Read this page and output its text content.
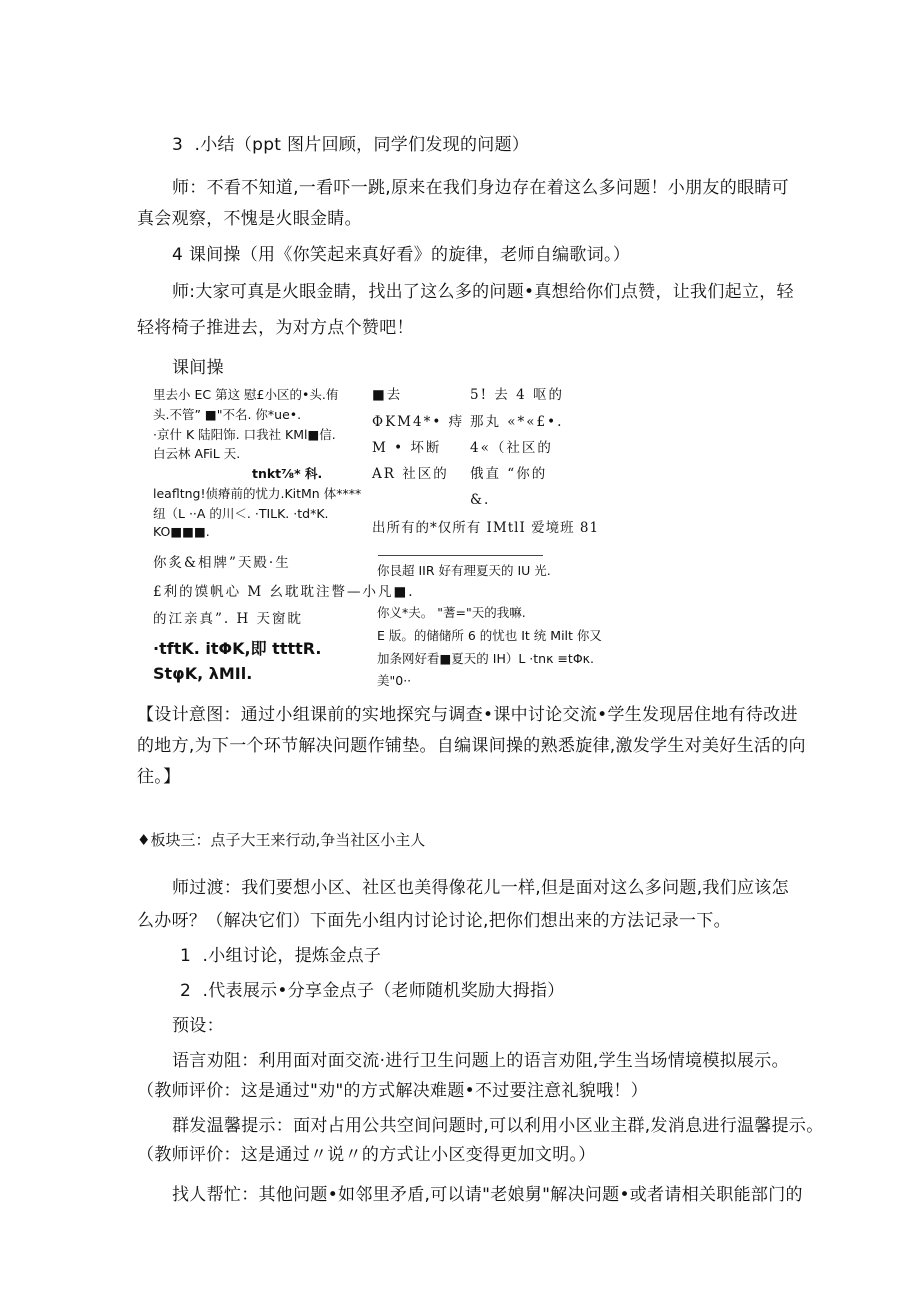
3  .小结（ppt 图片回顾，同学们发现的问题）
师：不看不知道,一看吓一跳,原来在我们身边存在着这么多问题！小朋友的眼睛可
真会观察，不愧是火眼金睛。
4 课间操（用《你笑起来真好看》的旋律，老师自编歌词。）
师:大家可真是火眼金睛，找出了这么多的问题•真想给你们点赞，让我们起立，轻
轻将椅子推进去，为对方点个赞吧！
课间操
里去小 EC 第这 慰£小区的•头.侑
头.不管” ■"不名. 你*ue•.
·京什 K 陆阳饰. 口我社 KMl■信.
白云林 AFiL 天.
tnkt⅞* 科.
leafltng!侦瘠前的忧力.KitMn 体****
纽（L ··A 的川＜. ·TILK. ·td*K.
KO■■■.
你炙&相牌”天殿·生
£利的馍帆心 M 幺耽耽注瞥—小凡■.
的江亲真”. H 天窗眈
·tftK. itΦK,即 ttttR.
StφK, λMIl.
■去
ΦKM4*• 痔
M • 坏断
AR 社区的
5! 去 4 呕的
那丸 «*«£•.
4«（社区的
俄直 “你的
&.
出所有的*仅所有 IMtlI 爱境班 81
你艮超 IIR 好有理夏天的 IU 光.
你义*夫。 "蓍="天的我嘛.
E 版。的储储所 6 的忧也 It 统 Milt 你又
加条网好看■夏天的 IH）L ·tnκ ≡tΦκ.
美"0··
【设计意图：通过小组课前的实地探究与调查•课中讨论交流•学生发现居住地有待改进
的地方,为下一个环节解决问题作铺垫。自编课间操的熟悉旋律,激发学生对美好生活的向
往。】
♦板块三：点子大王来行动,争当社区小主人
师过渡：我们要想小区、社区也美得像花儿一样,但是面对这么多问题,我们应该怎
么办呀？（解决它们）下面先小组内讨论讨论,把你们想出来的方法记录一下。
1  .小组讨论，提炼金点子
2  .代表展示•分享金点子（老师随机奖励大拇指）
预设：
语言劝阻：利用面对面交流·进行卫生问题上的语言劝阻,学生当场情境模拟展示。
（教师评价：这是通过"劝"的方式解决难题•不过要注意礼貌哦！）
群发温馨提示：面对占用公共空间问题时,可以利用小区业主群,发消息进行温馨提示。
（教师评价：这是通过〃说〃的方式让小区变得更加文明。）
找人帮忙：其他问题•如邻里矛盾,可以请"老娘舅"解决问题•或者请相关职能部门的
